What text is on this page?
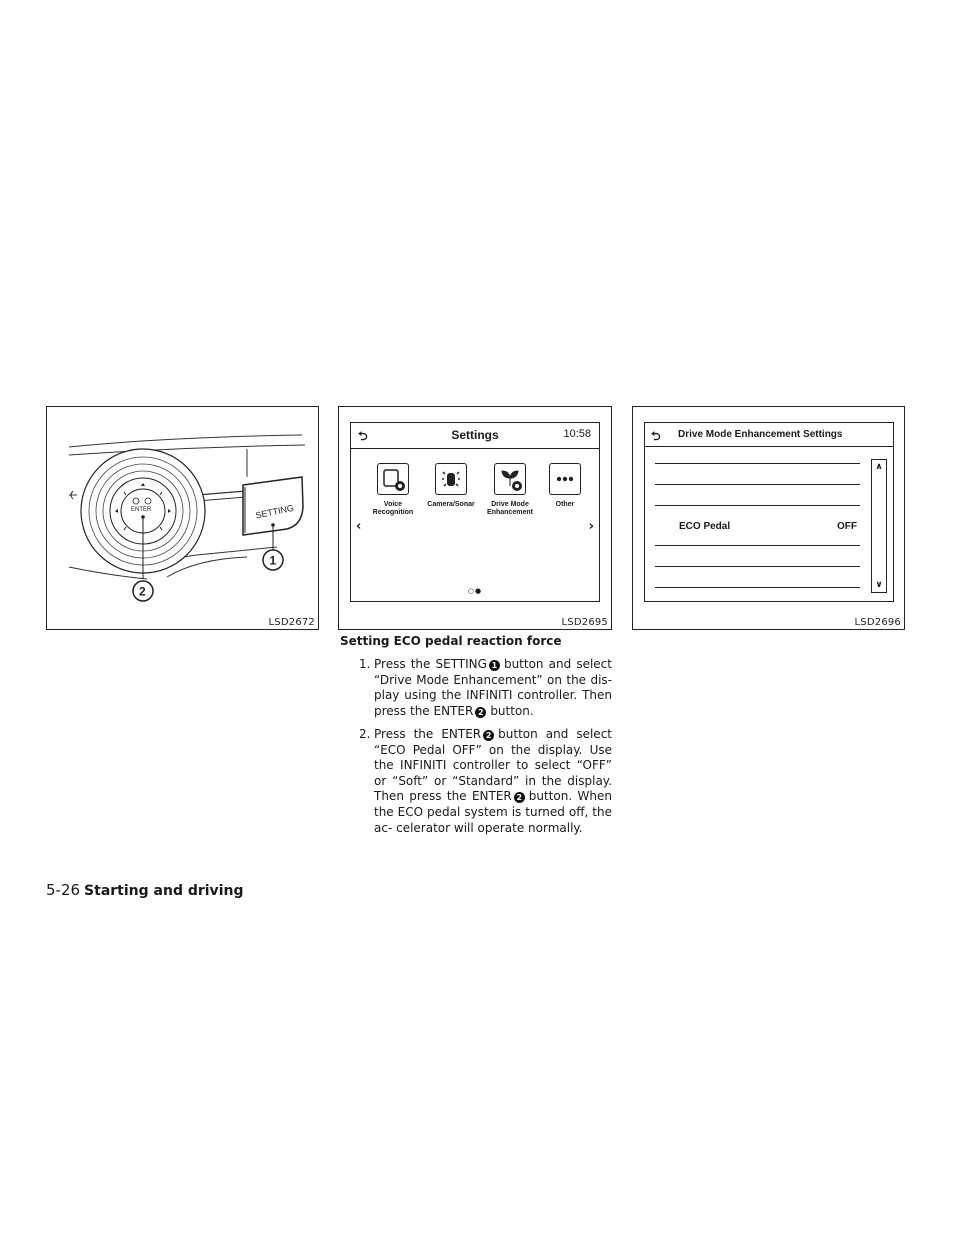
SETTING
ENTER
2
1
LSD2672
⮌	Settings	10:58
‹	›
Voice
Recognition
Camera/Sonar	Drive Mode
Enhancement
Other

○●
LSD2695
⮌ Drive Mode Enhancement Settings
ECO Pedal	OFF
∧
∨
LSD2696
Setting ECO pedal reaction force
1. Press the SETTING 1 button and select “Drive Mode Enhancement” on the dis- play using the INFINITI controller. Then press the ENTER 2 button.
2. Press the ENTER 2 button and select “ECO Pedal OFF” on the display. Use the INFINITI controller to select “OFF” or “Soft” or “Standard” in the display. Then press the ENTER 2 button. When the ECO pedal system is turned off, the ac- celerator will operate normally.
5-26 Starting and driving
